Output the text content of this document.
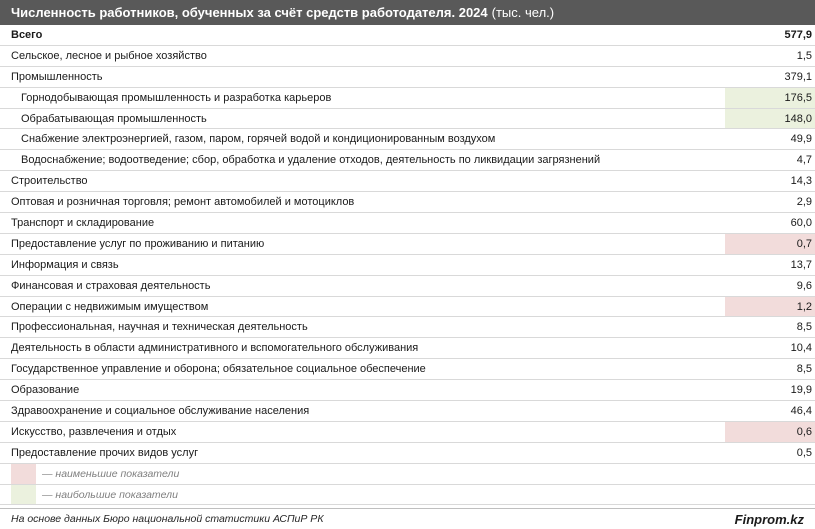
Численность работников, обученных за счёт средств работодателя. 2024 (тыс. чел.)
Всего	577,9
Сельское, лесное и рыбное хозяйство	1,5
Промышленность	379,1
Горнодобывающая промышленность и разработка карьеров	176,5
Обрабатывающая промышленность	148,0
Снабжение электроэнергией, газом, паром, горячей водой и кондиционированным воздухом	49,9
Водоснабжение; водоотведение; сбор, обработка и удаление отходов, деятельность по ликвидации загрязнений	4,7
Строительство	14,3
Оптовая и розничная торговля; ремонт автомобилей и мотоциклов	2,9
Транспорт и складирование	60,0
Предоставление услуг по проживанию и питанию	0,7
Информация и связь	13,7
Финансовая и страховая деятельность	9,6
Операции с недвижимым имуществом	1,2
Профессиональная, научная и техническая деятельность	8,5
Деятельность в области административного и вспомогательного обслуживания	10,4
Государственное управление и оборона; обязательное социальное обеспечение	8,5
Образование	19,9
Здравоохранение и социальное обслуживание населения	46,4
Искусство, развлечения и отдых	0,6
Предоставление прочих видов услуг	0,5
— наименьшие показатели
— наибольшие показатели
На основе данных Бюро национальной статистики АСПиР РК	Finprom.kz
